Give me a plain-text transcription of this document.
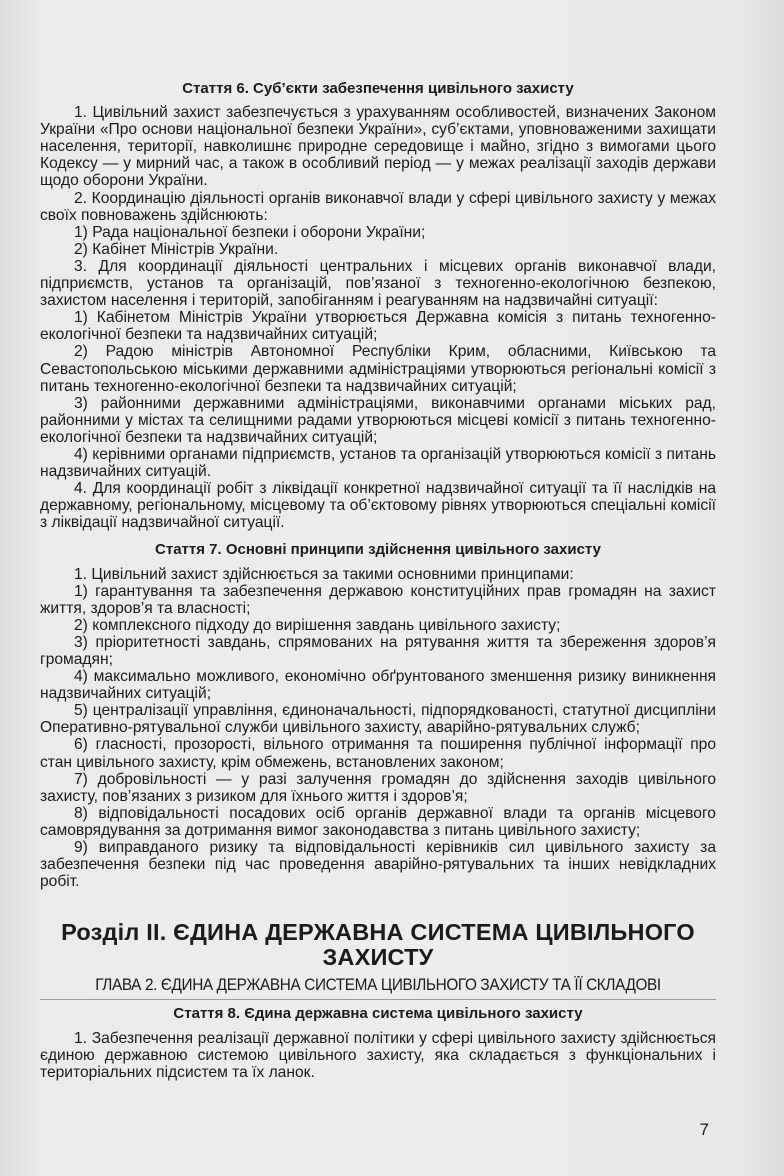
Стаття 6. Суб’єкти забезпечення цивільного захисту

1. Цивільний захист забезпечується з урахуванням особливостей, визначених Законом України «Про основи національної безпеки України», суб’єктами, уповноваженими захищати населення, території, навколишнє природне середовище і майно, згідно з вимогами цього Кодексу — у мирний час, а також в особливий період — у межах реалізації заходів держави щодо оборони України.

2. Координацію діяльності органів виконавчої влади у сфері цивільного захисту у межах своїх повноважень здійснюють:

1) Рада національної безпеки і оборони України;

2) Кабінет Міністрів України.

3. Для координації діяльності центральних і місцевих органів виконавчої влади, підприємств, установ та організацій, пов’язаної з техногенно-екологічною безпекою, захистом населення і територій, запобіганням і реагуванням на надзвичайні ситуації:

1) Кабінетом Міністрів України утворюється Державна комісія з питань техногенно-екологічної безпеки та надзвичайних ситуацій;

2) Радою міністрів Автономної Республіки Крим, обласними, Київською та Севастопольською міськими державними адміністраціями утворюються регіональні комісії з питань техногенно-екологічної безпеки та надзвичайних ситуацій;

3) районними державними адміністраціями, виконавчими органами міських рад, районними у містах та селищними радами утворюються місцеві комісії з питань техногенно-екологічної безпеки та надзвичайних ситуацій;

4) керівними органами підприємств, установ та організацій утворюються комісії з питань надзвичайних ситуацій.

4. Для координації робіт з ліквідації конкретної надзвичайної ситуації та її наслідків на державному, регіональному, місцевому та об’єктовому рівнях утворюються спеціальні комісії з ліквідації надзвичайної ситуації.

Стаття 7. Основні принципи здійснення цивільного захисту

1. Цивільний захист здійснюється за такими основними принципами:

1) гарантування та забезпечення державою конституційних прав громадян на захист життя, здоров’я та власності;

2) комплексного підходу до вирішення завдань цивільного захисту;

3) пріоритетності завдань, спрямованих на рятування життя та збереження здоров’я громадян;

4) максимально можливого, економічно обґрунтованого зменшення ризику виникнення надзвичайних ситуацій;

5) централізації управління, єдиноначальності, підпорядкованості, статутної дисципліни Оперативно-рятувальної служби цивільного захисту, аварійно-рятувальних служб;

6) гласності, прозорості, вільного отримання та поширення публічної інформації про стан цивільного захисту, крім обмежень, встановлених законом;

7) добровільності — у разі залучення громадян до здійснення заходів цивільного захисту, пов’язаних з ризиком для їхнього життя і здоров’я;

8) відповідальності посадових осіб органів державної влади та органів місцевого самоврядування за дотримання вимог законодавства з питань цивільного захисту;

9) виправданого ризику та відповідальності керівників сил цивільного захисту за забезпечення безпеки під час проведення аварійно-рятувальних та інших невідкладних робіт.

Розділ II. ЄДИНА ДЕРЖАВНА СИСТЕМА ЦИВІЛЬНОГО ЗАХИСТУ
ГЛАВА 2. ЄДИНА ДЕРЖАВНА СИСТЕМА ЦИВІЛЬНОГО ЗАХИСТУ ТА ЇЇ СКЛАДОВІ
Стаття 8. Єдина державна система цивільного захисту

1. Забезпечення реалізації державної політики у сфері цивільного захисту здійснюється єдиною державною системою цивільного захисту, яка складається з функціональних і територіальних підсистем та їх ланок.

7
